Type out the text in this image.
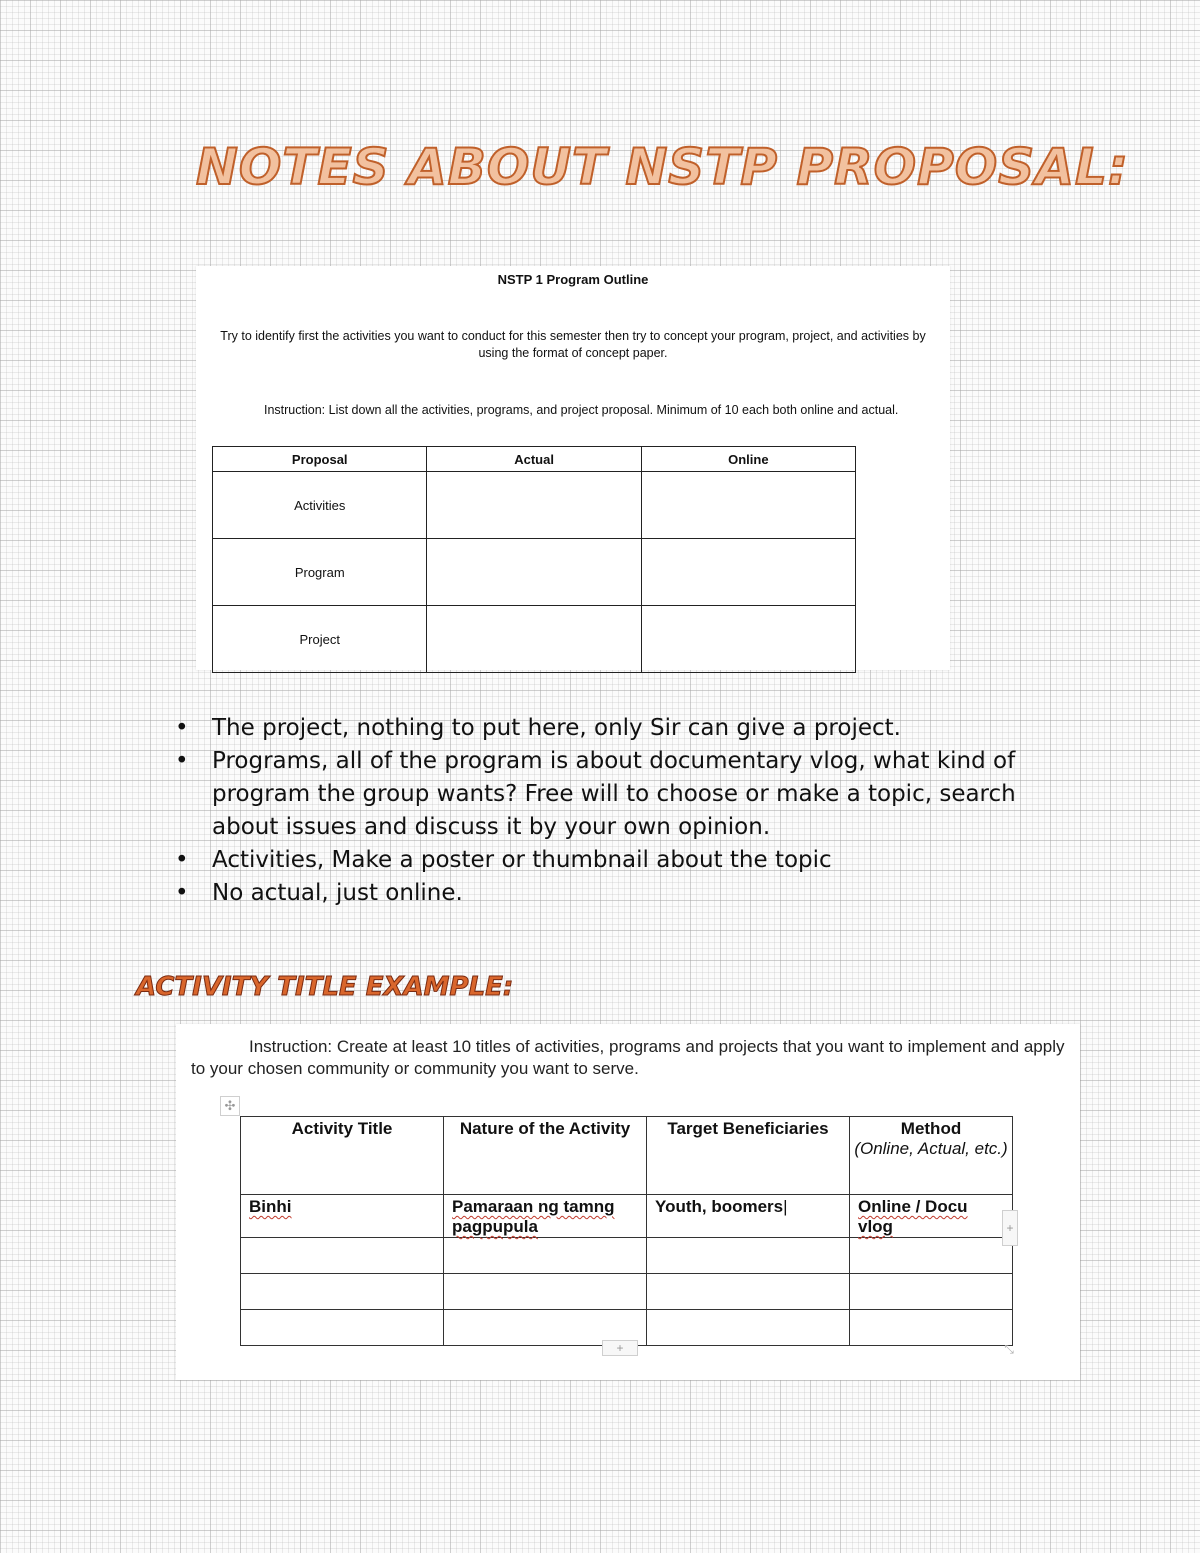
NOTES ABOUT NSTP PROPOSAL:
NSTP 1 Program Outline
Try to identify first the activities you want to conduct for this semester then try to concept your program, project, and activities by using the format of concept paper.
Instruction: List down all the activities, programs, and project proposal. Minimum of 10 each both online and actual.
Proposal	Actual	Online
Activities		
Program		
Project		
• The project, nothing to put here, only Sir can give a project.
• Programs, all of the program is about documentary vlog, what kind of program the group wants? Free will to choose or make a topic, search about issues and discuss it by your own opinion.
• Activities, Make a poster or thumbnail about the topic
• No actual, just online.
ACTIVITY TITLE EXAMPLE:
Instruction: Create at least 10 titles of activities, programs and projects that you want to implement and apply to your chosen community or community you want to serve.
✣
Activity Title	Nature of the Activity	Target Beneficiaries	Method
(Online, Actual, etc.)

Binhi	Pamaraan ng tamng pagpupula	Youth, boomers|	Online / Docu vlog

				+
+	⤡
